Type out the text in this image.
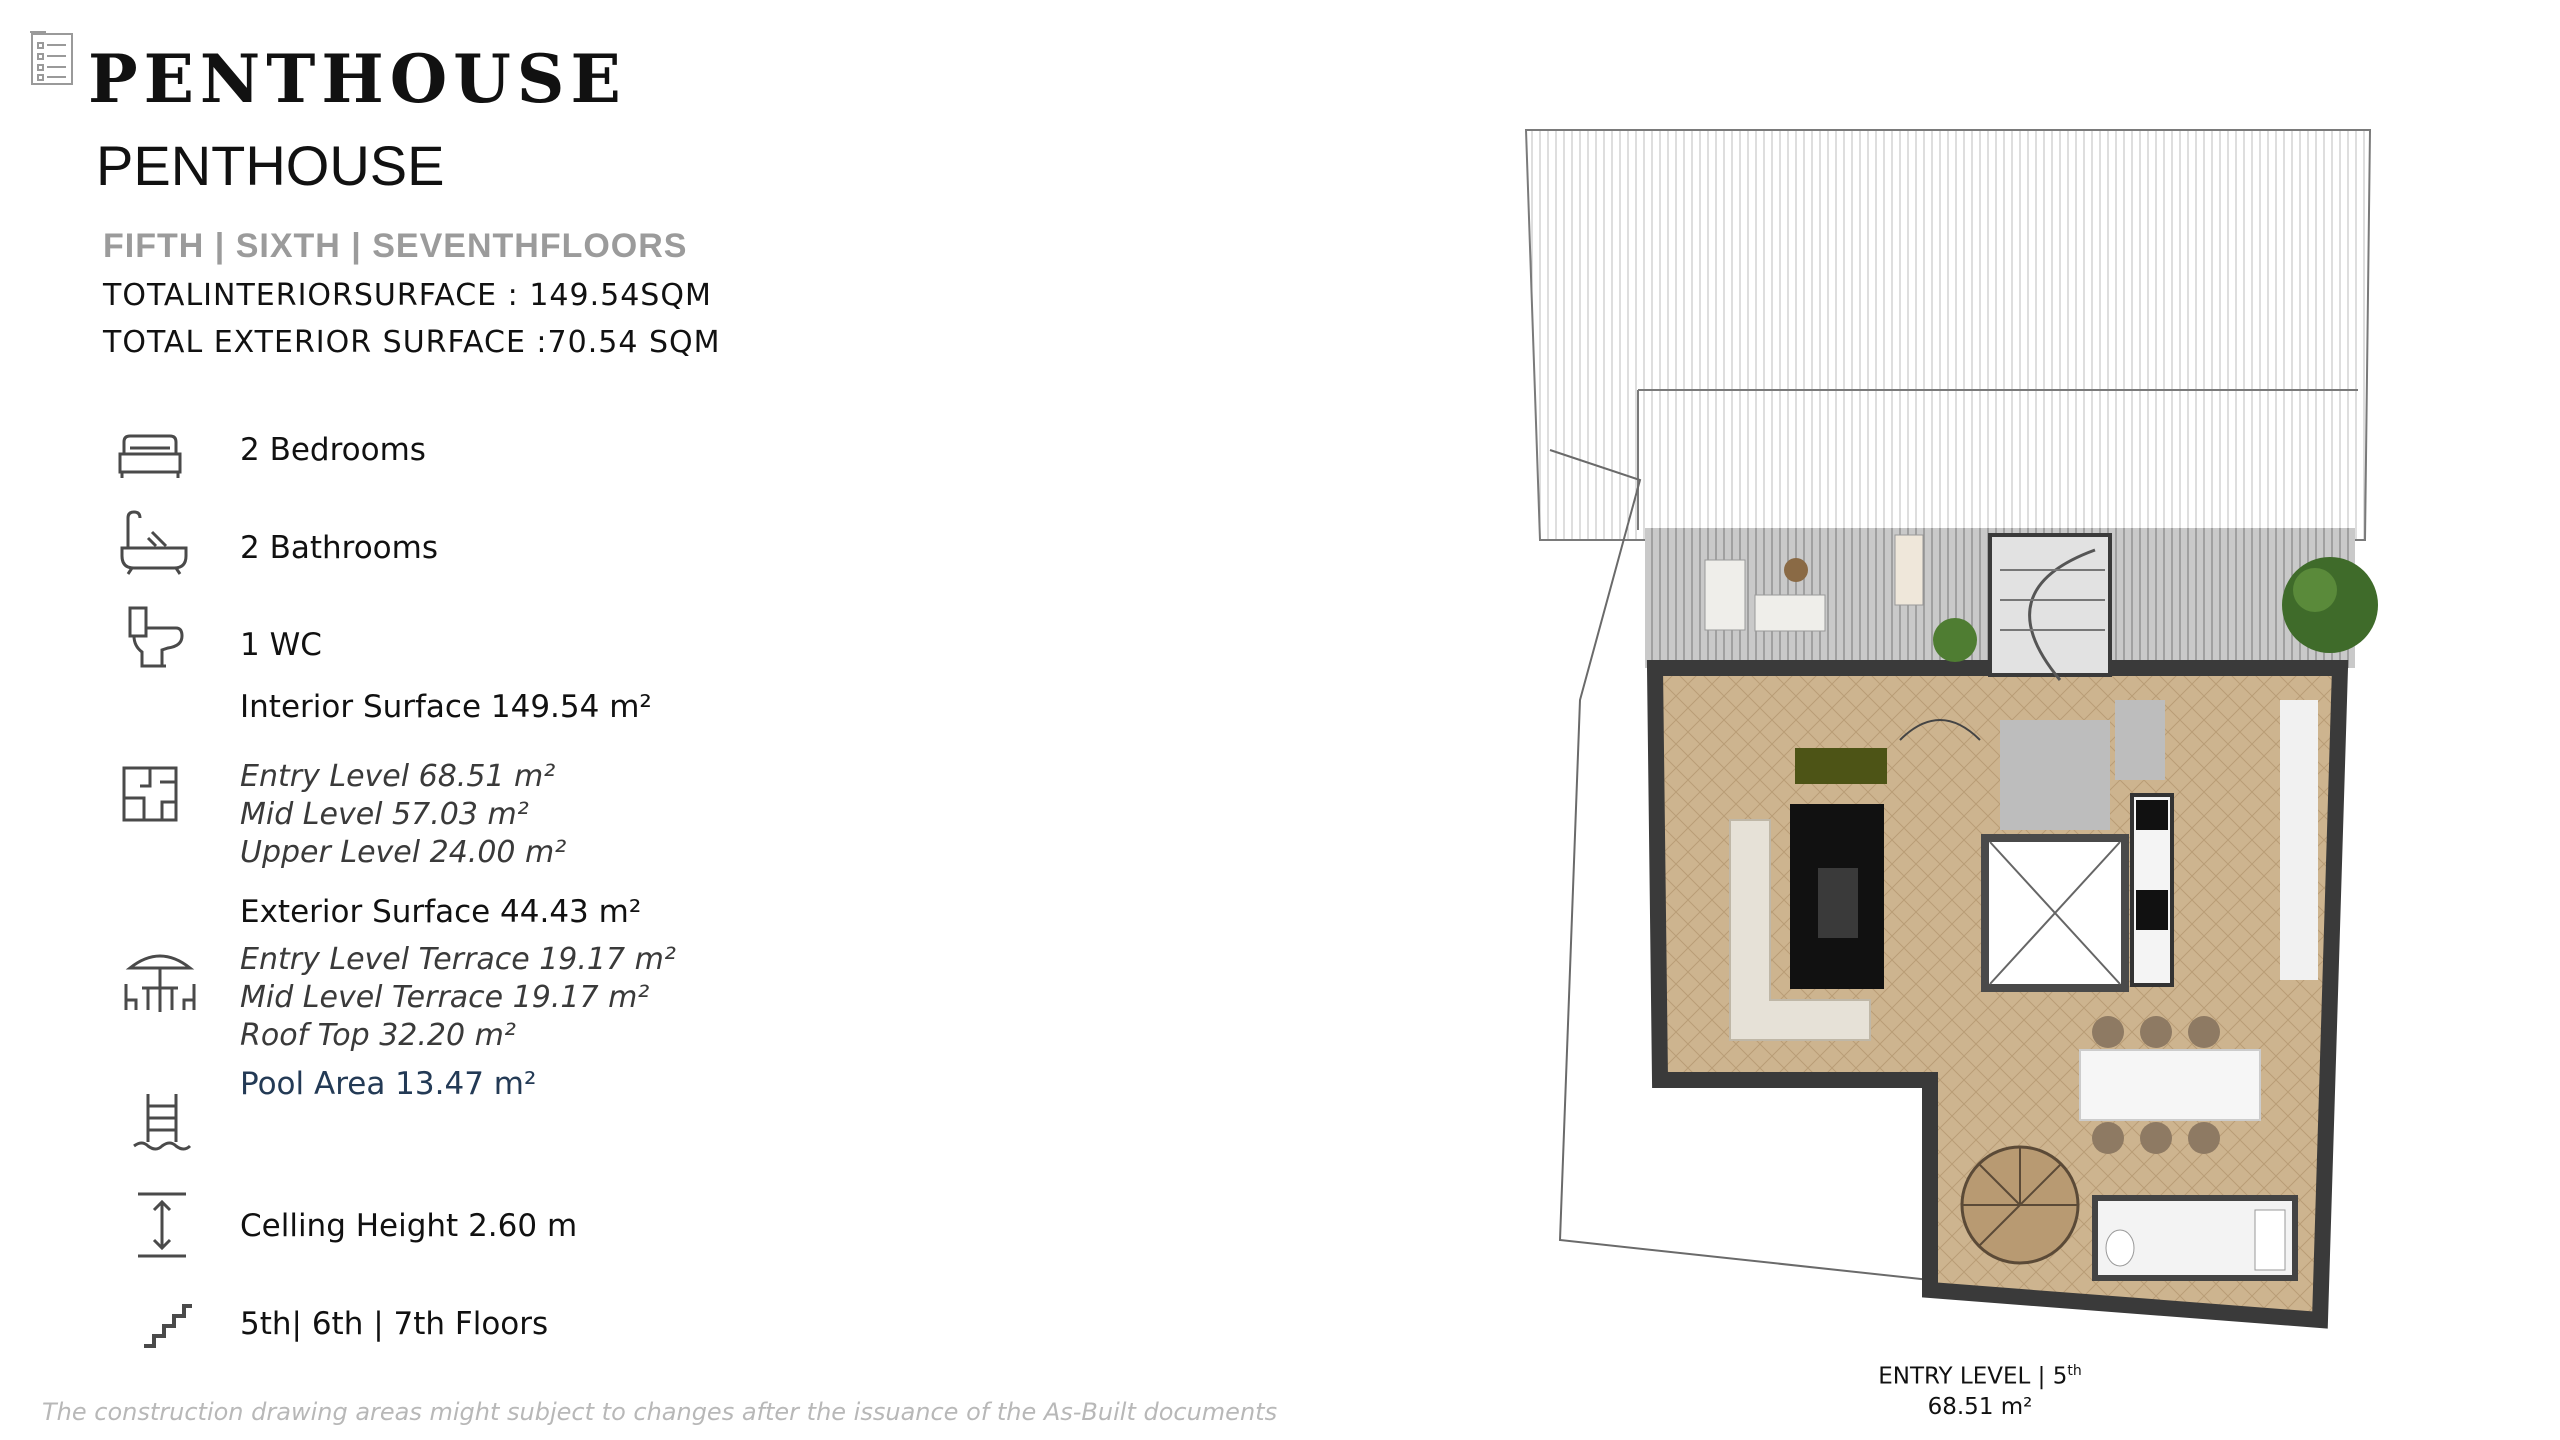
PENTHOUSE
PENTHOUSE
FIFTH | SIXTH | SEVENTHFLOORS
TOTALINTERIORSURFACE : 149.54SQM
TOTAL EXTERIOR SURFACE :70.54 SQM
2 Bedrooms
2 Bathrooms
1 WC
Interior Surface 149.54 m²
Entry Level 68.51 m²
Mid Level 57.03 m²
Upper Level 24.00 m²
Exterior Surface 44.43 m²
Entry Level Terrace 19.17 m²
Mid Level Terrace 19.17 m²
Roof Top 32.20 m²
Pool Area 13.47 m²
Celling Height 2.60 m
5th| 6th | 7th Floors
The construction drawing areas might subject to changes after the issuance of the As-Built documents
ENTRY LEVEL | 5th
68.51 m²
